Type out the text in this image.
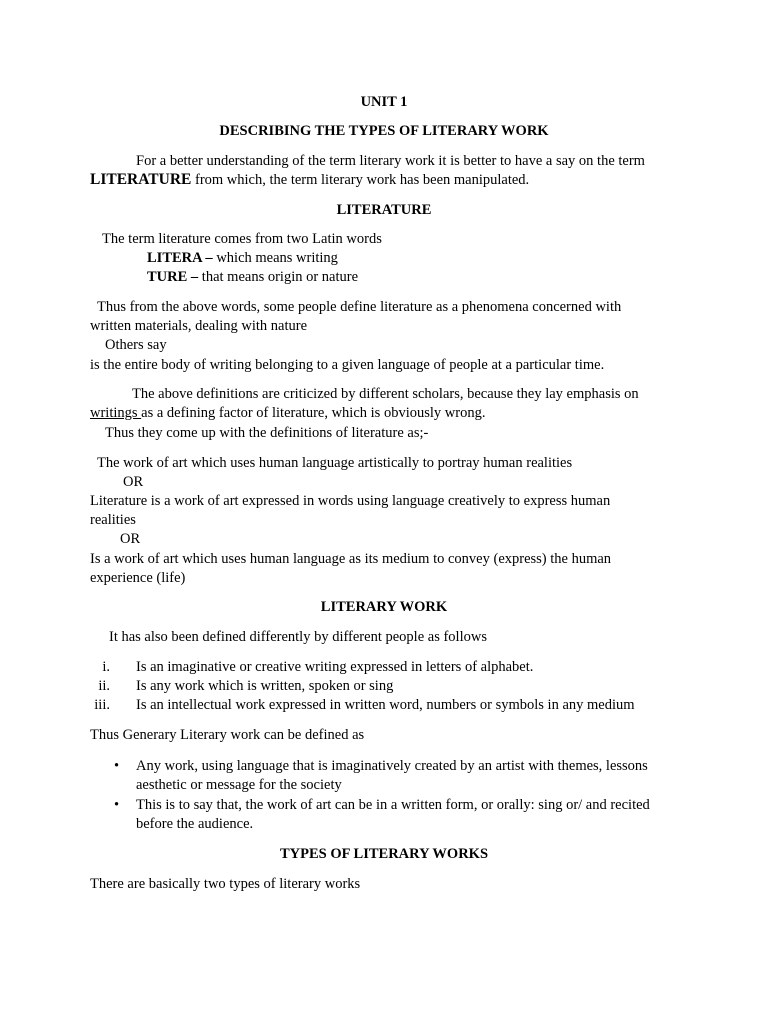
UNIT 1
DESCRIBING THE TYPES OF LITERARY WORK
For a better understanding of the term literary work it is better to have a say on the term
LITERATURE from which, the term literary work has been manipulated.
LITERATURE
The term literature comes from two Latin words
LITERA – which means writing
TURE – that means origin or nature
Thus from the above words, some people define literature as a phenomena concerned with
written materials, dealing with nature
Others say
is the entire body of writing belonging to a given language of people at a particular time.
The above definitions are criticized by different scholars, because they lay emphasis on
writings as a defining factor of literature, which is obviously wrong.
Thus they come up with the definitions of literature as;-
The work of art which uses human language artistically to portray human realities
OR
Literature is a work of art expressed in words using language creatively to express human
realities
OR
Is a work of art which uses human language as its medium to convey (express) the human
experience (life)
LITERARY WORK
It has also been defined differently by different people as follows
i. Is an imaginative or creative writing expressed in letters of alphabet.
ii. Is any work which is written, spoken or sing
iii. Is an intellectual work expressed in written word, numbers or symbols in any medium
Thus Generary Literary work can be defined as
• Any work, using language that is imaginatively created by an artist with themes, lessons
aesthetic or message for the society
• This is to say that, the work of art can be in a written form, or orally: sing or/ and recited
before the audience.
TYPES OF LITERARY WORKS
There are basically two types of literary works
